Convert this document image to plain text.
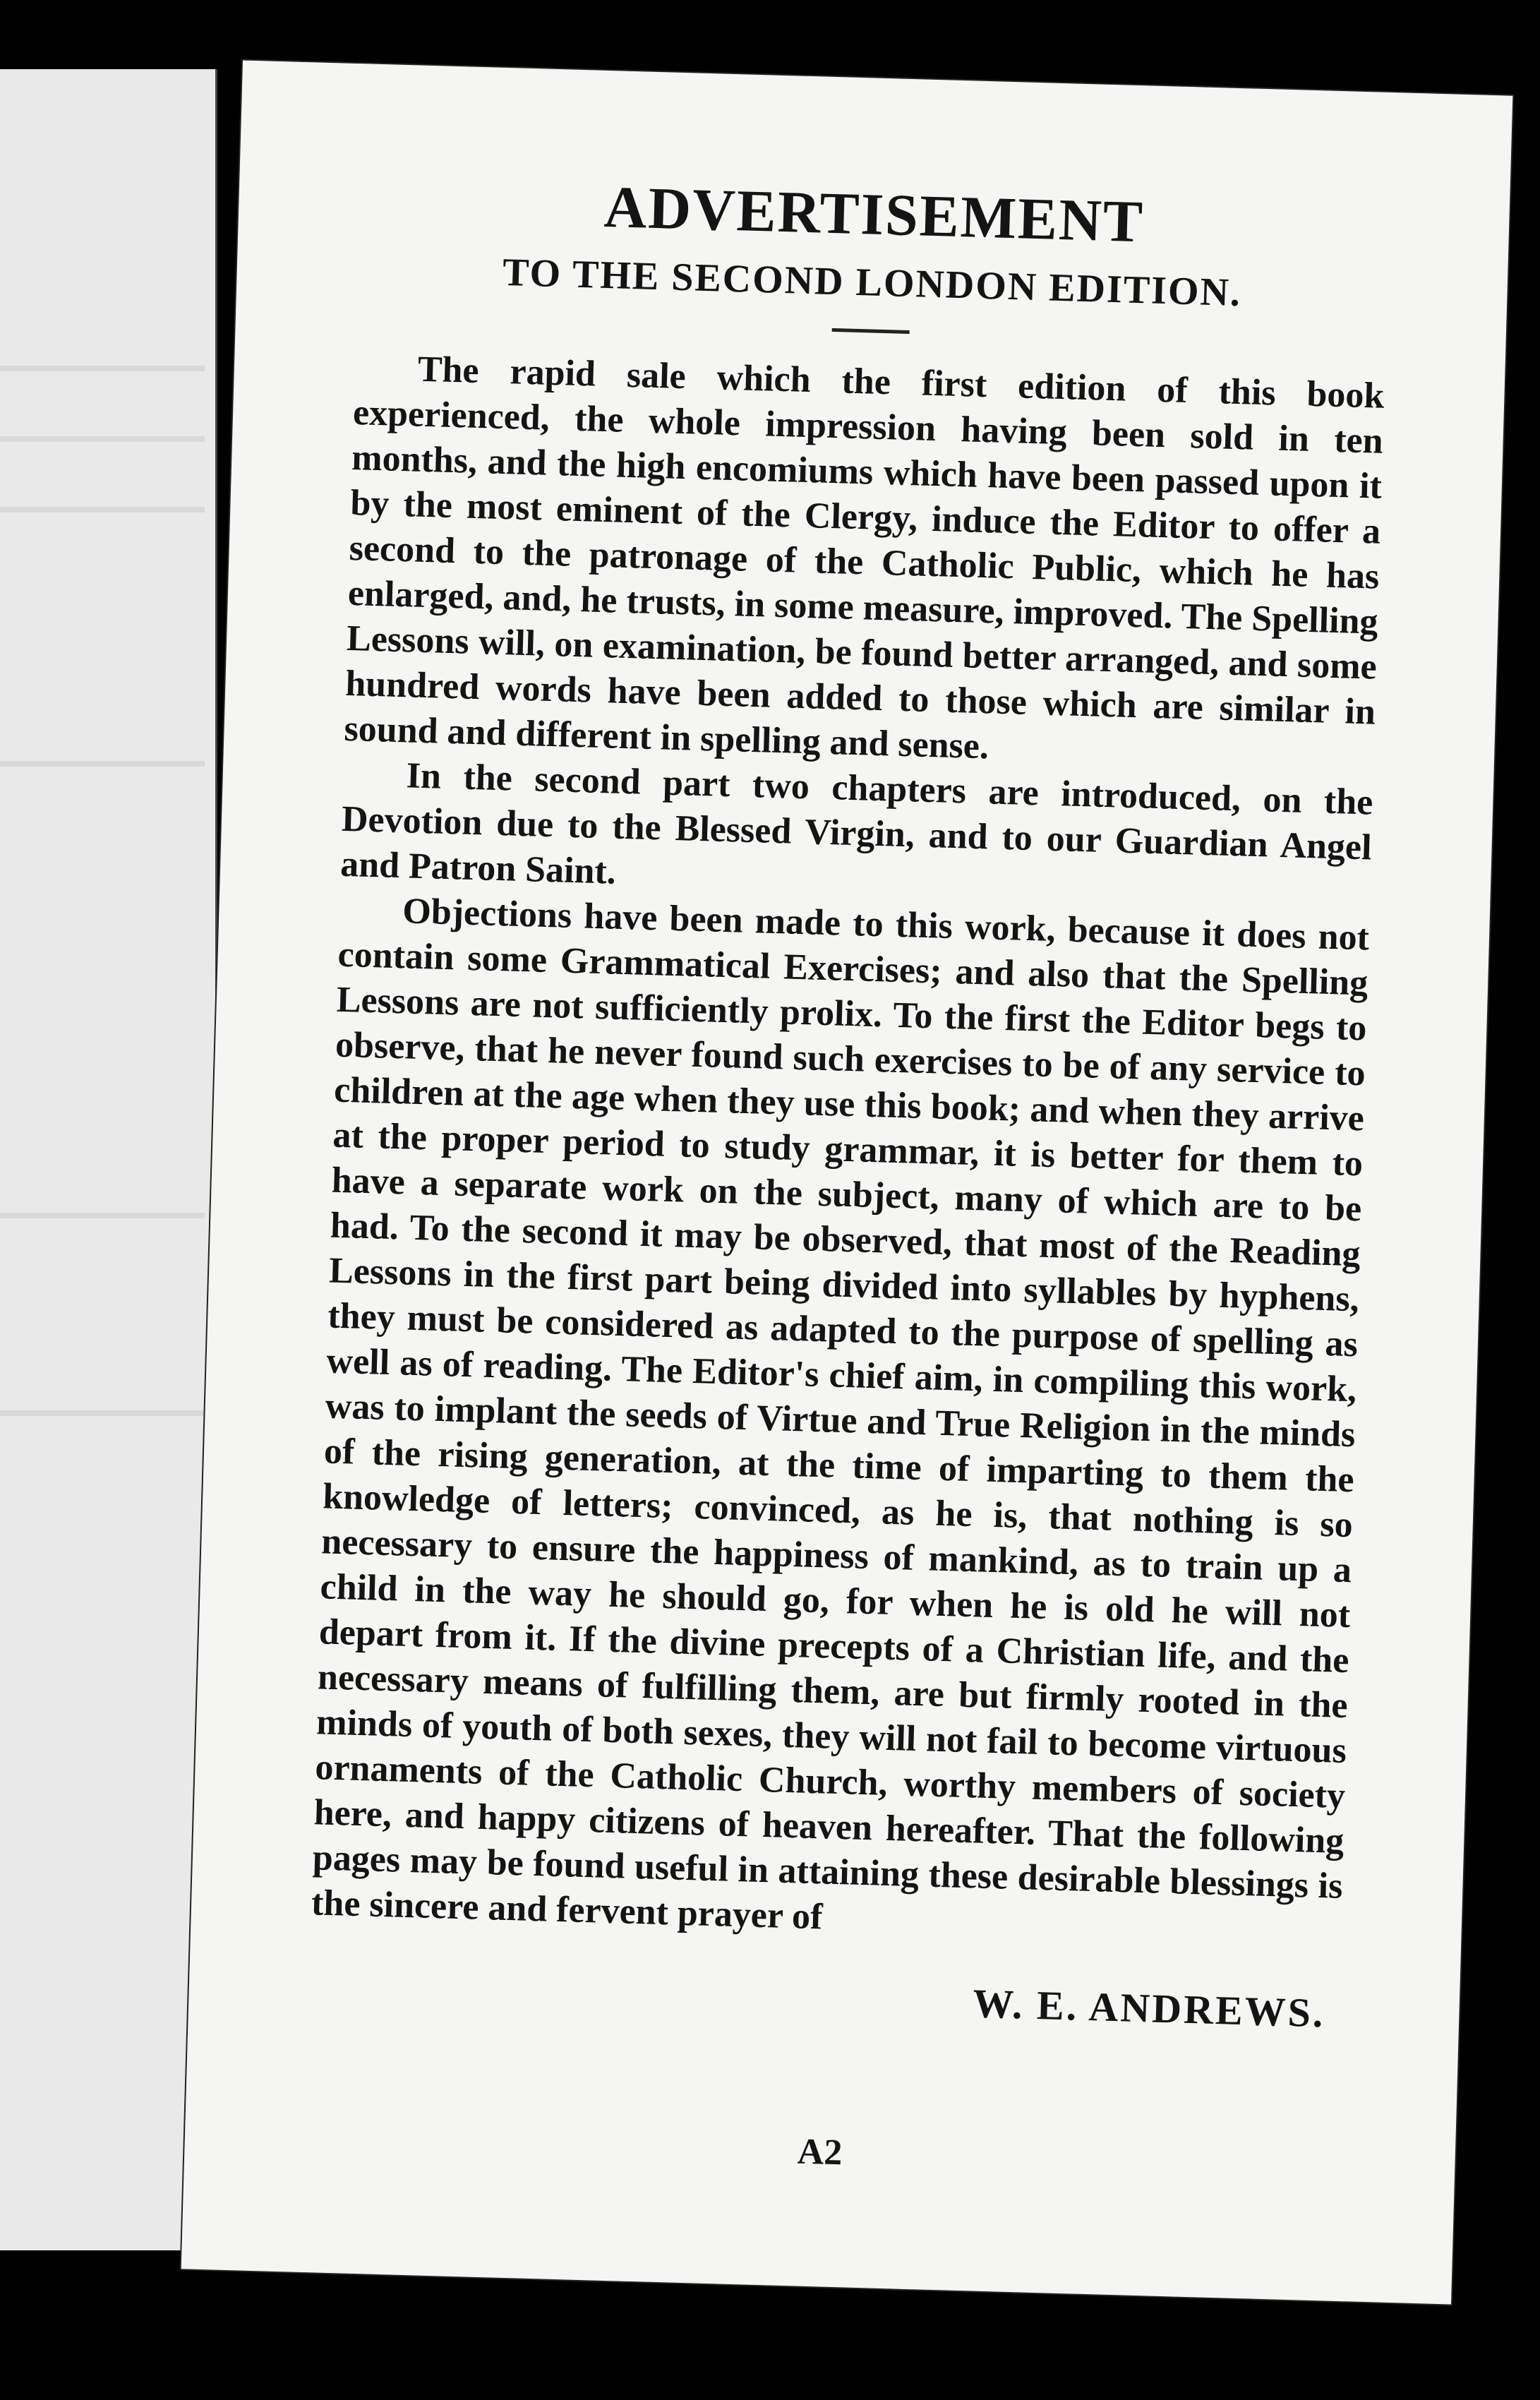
ADVERTISEMENT
TO THE SECOND LONDON EDITION.

The rapid sale which the first edition of this book experienced, the whole impression having been sold in ten months, and the high encomiums which have been passed upon it by the most eminent of the Clergy, induce the Editor to offer a second to the patronage of the Catholic Public, which he has enlarged, and, he trusts, in some measure, improved. The Spelling Lessons will, on examination, be found better arranged, and some hundred words have been added to those which are similar in sound and different in spelling and sense.

In the second part two chapters are introduced, on the Devotion due to the Blessed Virgin, and to our Guardian Angel and Patron Saint.

Objections have been made to this work, because it does not contain some Grammatical Exercises; and also that the Spelling Lessons are not sufficiently prolix. To the first the Editor begs to observe, that he never found such exercises to be of any service to children at the age when they use this book; and when they arrive at the proper period to study grammar, it is better for them to have a separate work on the subject, many of which are to be had. To the second it may be observed, that most of the Reading Lessons in the first part being divided into syllables by hyphens, they must be considered as adapted to the purpose of spelling as well as of reading. The Editor's chief aim, in compiling this work, was to implant the seeds of Virtue and True Religion in the minds of the rising generation, at the time of imparting to them the knowledge of letters; convinced, as he is, that nothing is so necessary to ensure the happiness of mankind, as to train up a child in the way he should go, for when he is old he will not depart from it. If the divine precepts of a Christian life, and the necessary means of fulfilling them, are but firmly rooted in the minds of youth of both sexes, they will not fail to become virtuous ornaments of the Catholic Church, worthy members of society here, and happy citizens of heaven hereafter. That the following pages may be found useful in attaining these desirable blessings is the sincere and fervent prayer of

W. E. ANDREWS.
A2
